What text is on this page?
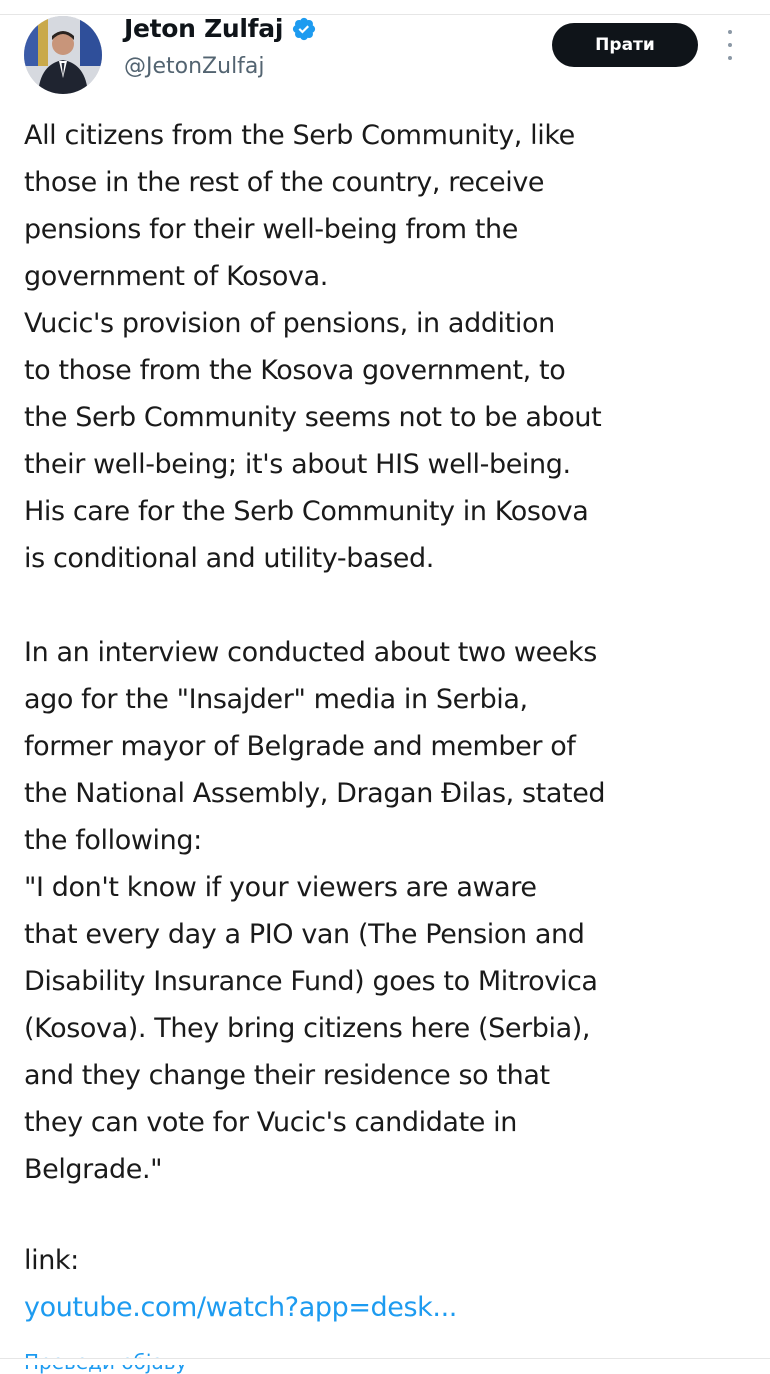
Jeton Zulfaj
@JetonZulfaj
Прати
All citizens from the Serb Community, like
those in the rest of the country, receive
pensions for their well-being from the
government of Kosova.
Vucic's provision of pensions, in addition
to those from the Kosova government, to
the Serb Community seems not to be about
their well-being; it's about HIS well-being.
His care for the Serb Community in Kosova
is conditional and utility-based.
In an interview conducted about two weeks
ago for the "Insajder" media in Serbia,
former mayor of Belgrade and member of
the National Assembly, Dragan Đilas, stated
the following:
"I don't know if your viewers are aware
that every day a PIO van (The Pension and
Disability Insurance Fund) goes to Mitrovica
(Kosova). They bring citizens here (Serbia),
and they change their residence so that
they can vote for Vucic's candidate in
Belgrade."
link:
youtube.com/watch?app=desk...
